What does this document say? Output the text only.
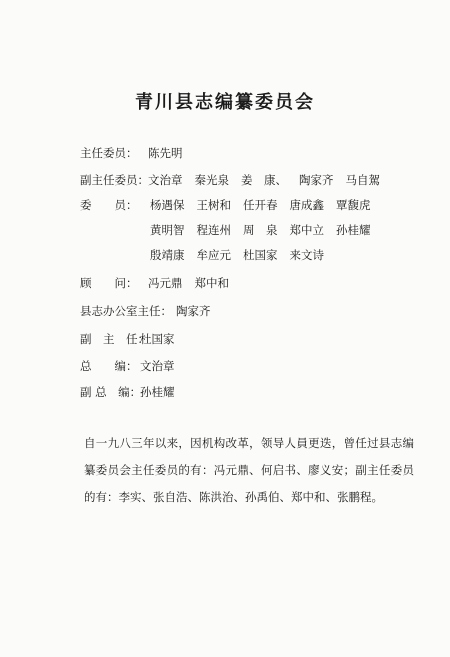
青川县志编纂委员会
主任委员： 陈先明
副主任委员： 文治章 秦光泉 姜　康、 陶家齐 马自駕
委　　员： 杨遇保 王树和 任开春 唐成鑫 覃馥虎
黄明智 程连州 周　泉 郑中立 孙桂耀
殷靖康 牟应元 杜国家 来文诗
顾　　问： 冯元鼎 郑中和
县志办公室主任： 陶家齐
副　主　任：
杜国家
总　　编： 文治章
副 总　编：
孙桂耀
自一九八三年以来，因机构改革，领导人員更迭，曾任过县志编纂委员会主任委员的有：冯元鼎、何启书、廖义安；副主任委员的有：李实、张自浩、陈洪治、孙禹伯、郑中和、张鹏程。
